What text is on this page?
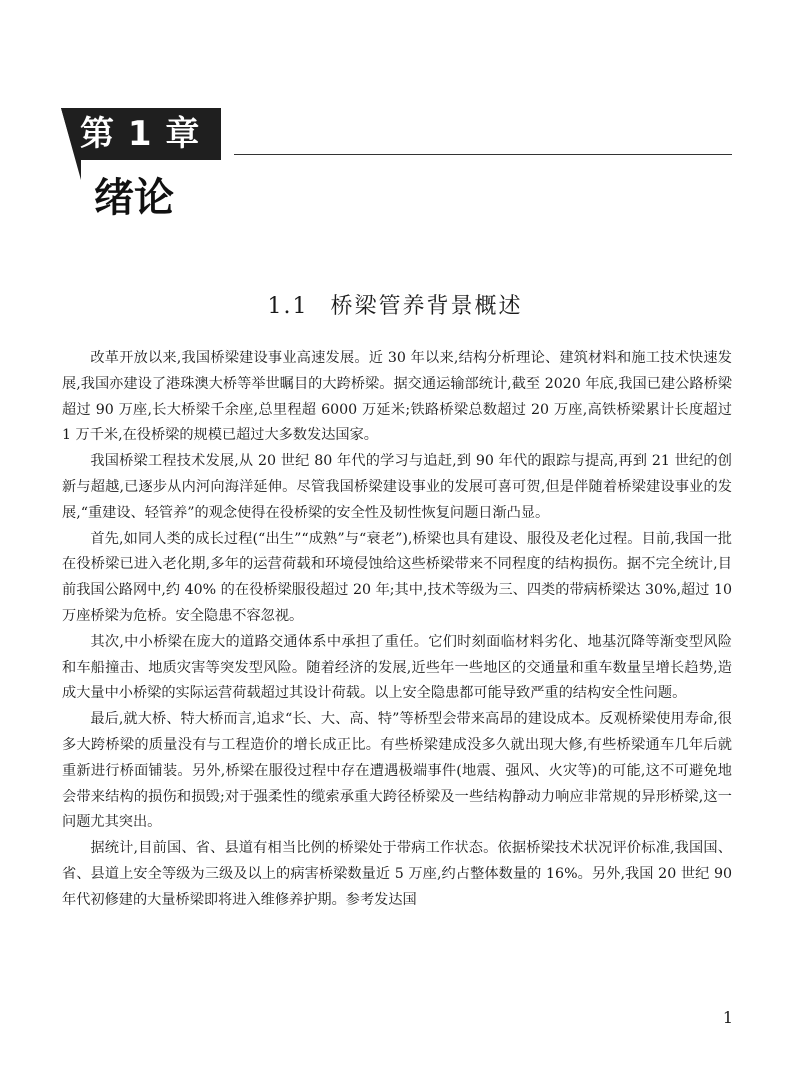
第 1 章
绪论
1.1 桥梁管养背景概述

改革开放以来,我国桥梁建设事业高速发展。近 30 年以来,结构分析理论、建筑材料和施工技术快速发展,我国亦建设了港珠澳大桥等举世瞩目的大跨桥梁。据交通运输部统计,截至 2020 年底,我国已建公路桥梁超过 90 万座,长大桥梁千余座,总里程超 6000 万延米;铁路桥梁总数超过 20 万座,高铁桥梁累计长度超过 1 万千米,在役桥梁的规模已超过大多数发达国家。

我国桥梁工程技术发展,从 20 世纪 80 年代的学习与追赶,到 90 年代的跟踪与提高,再到 21 世纪的创新与超越,已逐步从内河向海洋延伸。尽管我国桥梁建设事业的发展可喜可贺,但是伴随着桥梁建设事业的发展,“重建设、轻管养”的观念使得在役桥梁的安全性及韧性恢复问题日渐凸显。

首先,如同人类的成长过程(“出生”“成熟”与“衰老”),桥梁也具有建设、服役及老化过程。目前,我国一批在役桥梁已进入老化期,多年的运营荷载和环境侵蚀给这些桥梁带来不同程度的结构损伤。据不完全统计,目前我国公路网中,约 40% 的在役桥梁服役超过 20 年;其中,技术等级为三、四类的带病桥梁达 30%,超过 10 万座桥梁为危桥。安全隐患不容忽视。

其次,中小桥梁在庞大的道路交通体系中承担了重任。它们时刻面临材料劣化、地基沉降等渐变型风险和车船撞击、地质灾害等突发型风险。随着经济的发展,近些年一些地区的交通量和重车数量呈增长趋势,造成大量中小桥梁的实际运营荷载超过其设计荷载。以上安全隐患都可能导致严重的结构安全性问题。

最后,就大桥、特大桥而言,追求“长、大、高、特”等桥型会带来高昂的建设成本。反观桥梁使用寿命,很多大跨桥梁的质量没有与工程造价的增长成正比。有些桥梁建成没多久就出现大修,有些桥梁通车几年后就重新进行桥面铺装。另外,桥梁在服役过程中存在遭遇极端事件(地震、强风、火灾等)的可能,这不可避免地会带来结构的损伤和损毁;对于强柔性的缆索承重大跨径桥梁及一些结构静动力响应非常规的异形桥梁,这一问题尤其突出。

据统计,目前国、省、县道有相当比例的桥梁处于带病工作状态。依据桥梁技术状况评价标准,我国国、省、县道上安全等级为三级及以上的病害桥梁数量近 5 万座,约占整体数量的 16%。另外,我国 20 世纪 90 年代初修建的大量桥梁即将进入维修养护期。参考发达国

1
